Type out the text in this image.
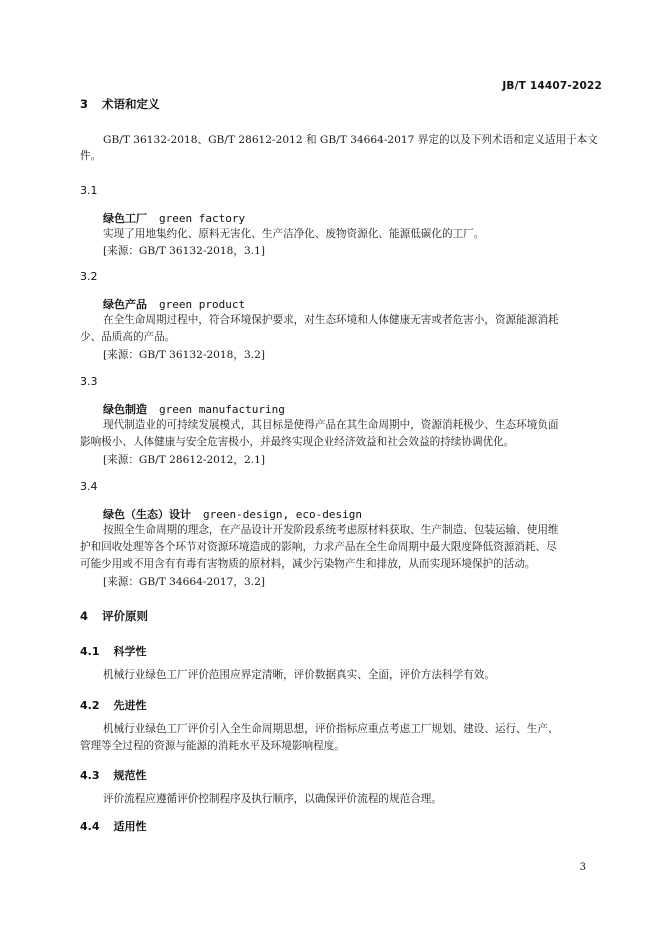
JB/T 14407-2022
3 术语和定义
GB/T 36132-2018、GB/T 28612-2012 和 GB/T 34664-2017 界定的以及下列术语和定义适用于本文
件。
3.1
绿色工厂 green factory
实现了用地集约化、原料无害化、生产洁净化、废物资源化、能源低碳化的工厂。
[来源：GB/T 36132-2018，3.1]
3.2
绿色产品 green product
在全生命周期过程中，符合环境保护要求，对生态环境和人体健康无害或者危害小，资源能源消耗
少、品质高的产品。
[来源：GB/T 36132-2018，3.2]
3.3
绿色制造 green manufacturing
现代制造业的可持续发展模式，其目标是使得产品在其生命周期中，资源消耗极少、生态环境负面
影响极小、人体健康与安全危害极小，并最终实现企业经济效益和社会效益的持续协调优化。
[来源：GB/T 28612-2012，2.1]
3.4
绿色（生态）设计 green-design, eco-design
按照全生命周期的理念，在产品设计开发阶段系统考虑原材料获取、生产制造、包装运输、使用维
护和回收处理等各个环节对资源环境造成的影响，力求产品在全生命周期中最大限度降低资源消耗、尽
可能少用或不用含有有毒有害物质的原材料，减少污染物产生和排放，从而实现环境保护的活动。
[来源：GB/T 34664-2017，3.2]
4 评价原则
4.1 科学性
机械行业绿色工厂评价范围应界定清晰，评价数据真实、全面，评价方法科学有效。
4.2 先进性
机械行业绿色工厂评价引入全生命周期思想，评价指标应重点考虑工厂规划、建设、运行、生产、
管理等全过程的资源与能源的消耗水平及环境影响程度。
4.3 规范性
评价流程应遵循评价控制程序及执行顺序，以确保评价流程的规范合理。
4.4 适用性
3
